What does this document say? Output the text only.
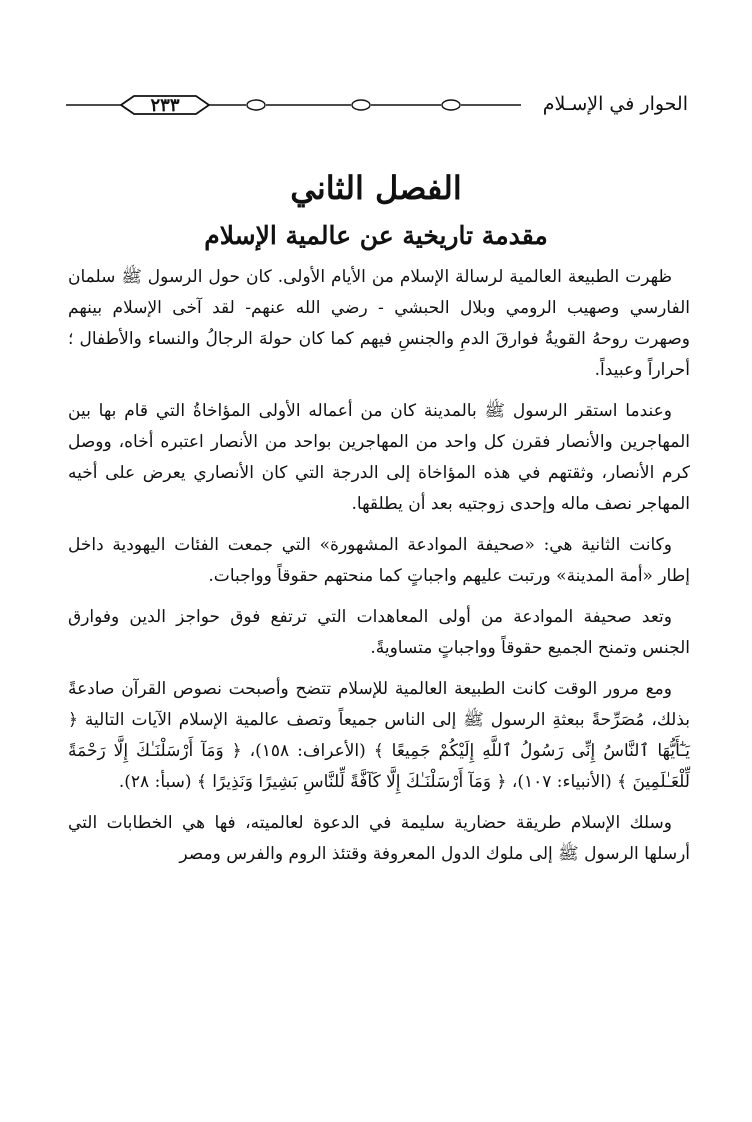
٢٣٣	الحوار في الإسـلام
الفصل الثاني
مقدمة تاريخية عن عالمية الإسلام

ظهرت الطبيعة العالمية لرسالة الإسلام من الأيام الأولى. كان حول الرسول ﷺ سلمان الفارسي وصهيب الرومي وبلال الحبشي - رضي الله عنهم- لقد آخى الإسلام بينهم وصهرت روحهُ القويةُ فوارقَ الدمِ والجنسِ فيهم كما كان حولهَ الرجالُ والنساء والأطفال ؛ أحراراً وعبيداً.

وعندما استقر الرسول ﷺ بالمدينة كان من أعماله الأولى المؤاخاةُ التي قام بها بين المهاجرين والأنصار فقرن كل واحد من المهاجرين بواحد من الأنصار اعتبره أخاه، ووصل كرم الأنصار، وثقتهم في هذه المؤاخاة إلى الدرجة التي كان الأنصاري يعرض على أخيه المهاجر نصف ماله وإحدى زوجتيه بعد أن يطلقها.

وكانت الثانية هي: «صحيفة الموادعة المشهورة» التي جمعت الفئات اليهودية داخل إطار «أمة المدينة» ورتبت عليهم واجباتٍ كما منحتهم حقوقاً وواجبات.

وتعد صحيفة الموادعة من أولى المعاهدات التي ترتفع فوق حواجز الدين وفوارق الجنس وتمنح الجميع حقوقاً وواجباتٍ متساويةً.

ومع مرور الوقت كانت الطبيعة العالمية للإسلام تتضح وأصبحت نصوص القرآن صادعةً بذلك، مُصَرِّحةً ببعثةِ الرسول ﷺ إلى الناس جميعاً وتصف عالمية الإسلام الآيات التالية ﴿ يَـٰٓأَيُّهَا ٱلنَّاسُ إِنِّى رَسُولُ ٱللَّهِ إِلَيْكُمْ جَمِيعًا ﴾ (الأعراف: ١٥٨)، ﴿ وَمَآ أَرْسَلْنَـٰكَ إِلَّا رَحْمَةً لِّلْعَـٰلَمِينَ ﴾ (الأنبياء: ١٠٧)، ﴿ وَمَآ أَرْسَلْنَـٰكَ إِلَّا كَآفَّةً لِّلنَّاسِ بَشِيرًا وَنَذِيرًا ﴾ (سبأ: ٢٨).

وسلك الإسلام طريقة حضارية سليمة في الدعوة لعالميته، فها هي الخطابات التي أرسلها الرسول ﷺ إلى ملوك الدول المعروفة وقتئذ الروم والفرس ومصر
